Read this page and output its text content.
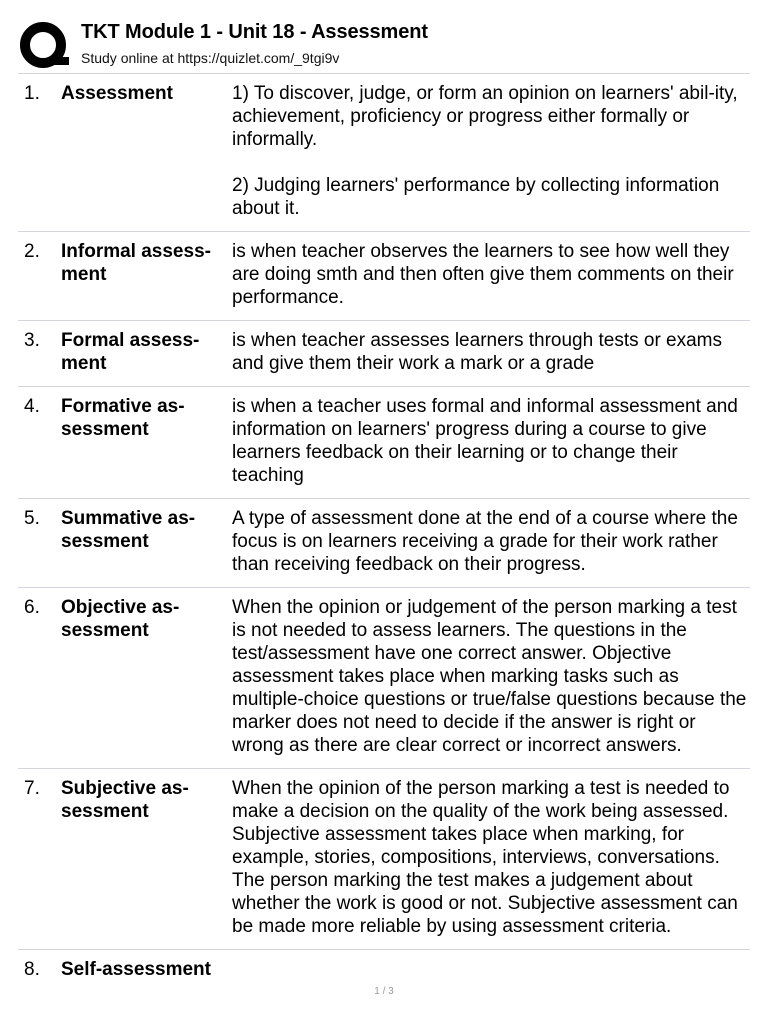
TKT Module 1 - Unit 18 - Assessment
Study online at https://quizlet.com/_9tgi9v
1.	Assessment	1) To discover, judge, or form an opinion on learners' abil-ity, achievement, proficiency or progress either formally or informally.

2) Judging learners' performance by collecting information about it.
2.	Informal assess-ment
is when teacher observes the learners to see how well they are doing smth and then often give them comments on their performance.
3.	Formal assess-ment
is when teacher assesses learners through tests or exams and give them their work a mark or a grade
4.	Formative as-sessment
is when a teacher uses formal and informal assessment and information on learners' progress during a course to give learners feedback on their learning or to change their teaching
5.	Summative as-sessment
A type of assessment done at the end of a course where the focus is on learners receiving a grade for their work rather than receiving feedback on their progress.
6.	Objective as-sessment
When the opinion or judgement of the person marking a test is not needed to assess learners. The questions in the test/assessment have one correct answer. Objective assessment takes place when marking tasks such as multiple-choice questions or true/false questions because the marker does not need to decide if the answer is right or wrong as there are clear correct or incorrect answers.
7.	Subjective as-sessment
When the opinion of the person marking a test is needed to make a decision on the quality of the work being assessed. Subjective assessment takes place when marking, for example, stories, compositions, interviews, conversations. The person marking the test makes a judgement about whether the work is good or not. Subjective assessment can be made more reliable by using assessment criteria.
8.	Self-assessment
1 / 3
